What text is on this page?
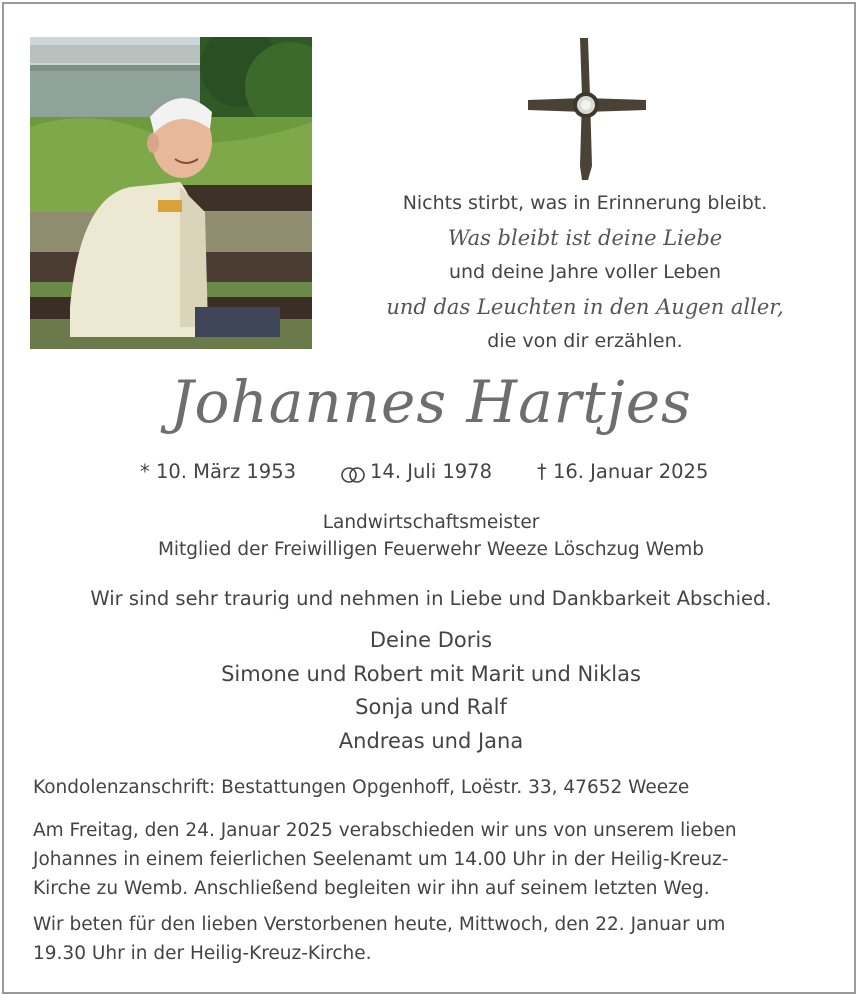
Nichts stirbt, was in Erinnerung bleibt.
Was bleibt ist deine Liebe
und deine Jahre voller Leben
und das Leuchten in den Augen aller,
die von dir erzählen.
Johannes Hartjes
* 10. März 1953	14. Juli 1978 † 16. Januar 2025
Landwirtschaftsmeister
Mitglied der Freiwilligen Feuerwehr Weeze Löschzug Wemb
Wir sind sehr traurig und nehmen in Liebe und Dankbarkeit Abschied.
Deine Doris
Simone und Robert mit Marit und Niklas
Sonja und Ralf
Andreas und Jana
Kondolenzanschrift: Bestattungen Opgenhoff, Loëstr. 33, 47652 Weeze
Am Freitag, den 24. Januar 2025 verabschieden wir uns von unserem lieben
Johannes in einem feierlichen Seelenamt um 14.00 Uhr in der Heilig-Kreuz-
Kirche zu Wemb. Anschließend begleiten wir ihn auf seinem letzten Weg.
Wir beten für den lieben Verstorbenen heute, Mittwoch, den 22. Januar um
19.30 Uhr in der Heilig-Kreuz-Kirche.
